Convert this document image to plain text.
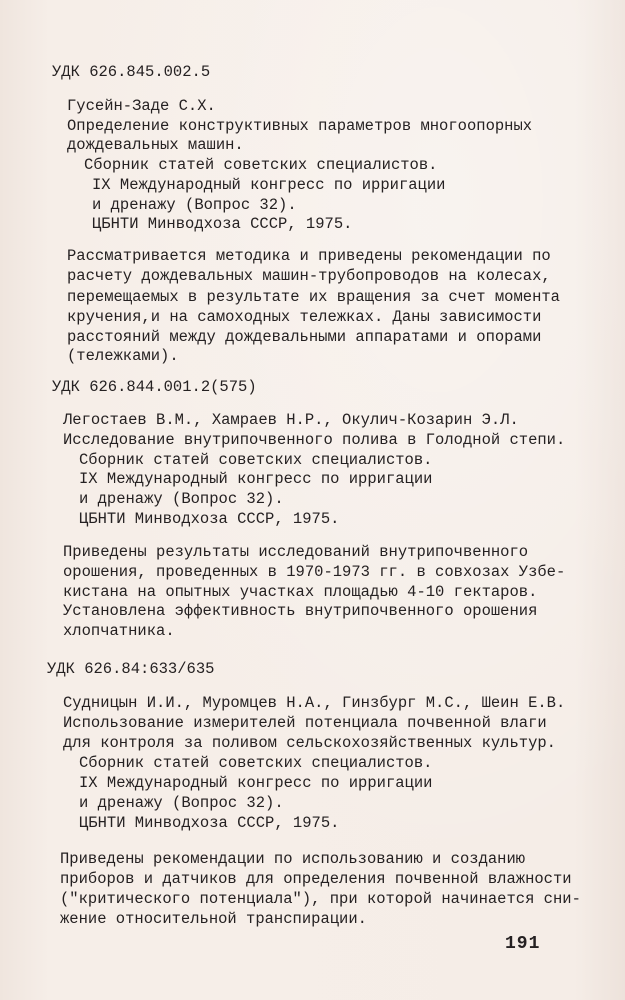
УДК 626.845.002.5
Гусейн-Заде С.Х.
Определение конструктивных параметров многоопорных
дождевальных машин.
Сборник статей советских специалистов.
IX Международный конгресс по ирригации
и дренажу (Вопрос 32).
ЦБНТИ Минводхоза СССР, 1975.
Рассматривается методика и приведены рекомендации по
расчету дождевальных машин-трубопроводов на колесах,
перемещаемых в результате их вращения за счет момента
кручения,и на самоходных тележках. Даны зависимости
расстояний между дождевальными аппаратами и опорами
(тележками).
УДК 626.844.001.2(575)
Легостаев В.М., Хамраев Н.Р., Окулич-Козарин Э.Л.
Исследование внутрипочвенного полива в Голодной степи.
Сборник статей советских специалистов.
IX Международный конгресс по ирригации
и дренажу (Вопрос 32).
ЦБНТИ Минводхоза СССР, 1975.
Приведены результаты исследований внутрипочвенного
орошения, проведенных в 1970-1973 гг. в совхозах Узбе-
кистана на опытных участках площадью 4-10 гектаров.
Установлена эффективность внутрипочвенного орошения
хлопчатника.
УДК 626.84:633/635
Судницын И.И., Муромцев Н.А., Гинзбург М.С., Шеин Е.В.
Использование измерителей потенциала почвенной влаги
для контроля за поливом сельскохозяйственных культур.
Сборник статей советских специалистов.
IX Международный конгресс по ирригации
и дренажу (Вопрос 32).
ЦБНТИ Минводхоза СССР, 1975.
Приведены рекомендации по использованию и созданию
приборов и датчиков для определения почвенной влажности
("критического потенциала"), при которой начинается сни-
жение относительной транспирации.
191
